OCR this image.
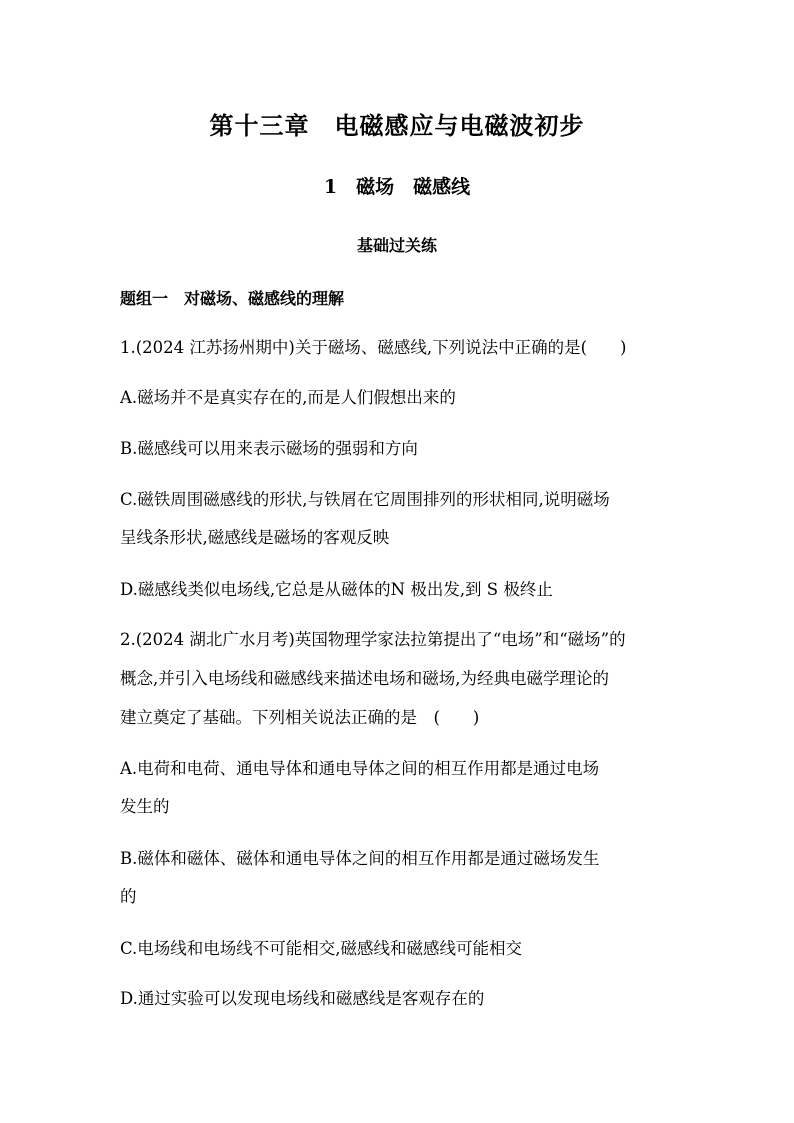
第十三章　电磁感应与电磁波初步
1　磁场　磁感线
基础过关练
题组一　对磁场、磁感线的理解
1.(2024 江苏扬州期中)关于磁场、磁感线,下列说法中正确的是(　　)
A.磁场并不是真实存在的,而是人们假想出来的
B.磁感线可以用来表示磁场的强弱和方向
C.磁铁周围磁感线的形状,与铁屑在它周围排列的形状相同,说明磁场
呈线条形状,磁感线是磁场的客观反映
D.磁感线类似电场线,它总是从磁体的N 极出发,到 S 极终止
2.(2024 湖北广水月考)英国物理学家法拉第提出了“电场”和“磁场”的
概念,并引入电场线和磁感线来描述电场和磁场,为经典电磁学理论的
建立奠定了基础。下列相关说法正确的是　(　　)
A.电荷和电荷、通电导体和通电导体之间的相互作用都是通过电场
发生的
B.磁体和磁体、磁体和通电导体之间的相互作用都是通过磁场发生
的
C.电场线和电场线不可能相交,磁感线和磁感线可能相交
D.通过实验可以发现电场线和磁感线是客观存在的
